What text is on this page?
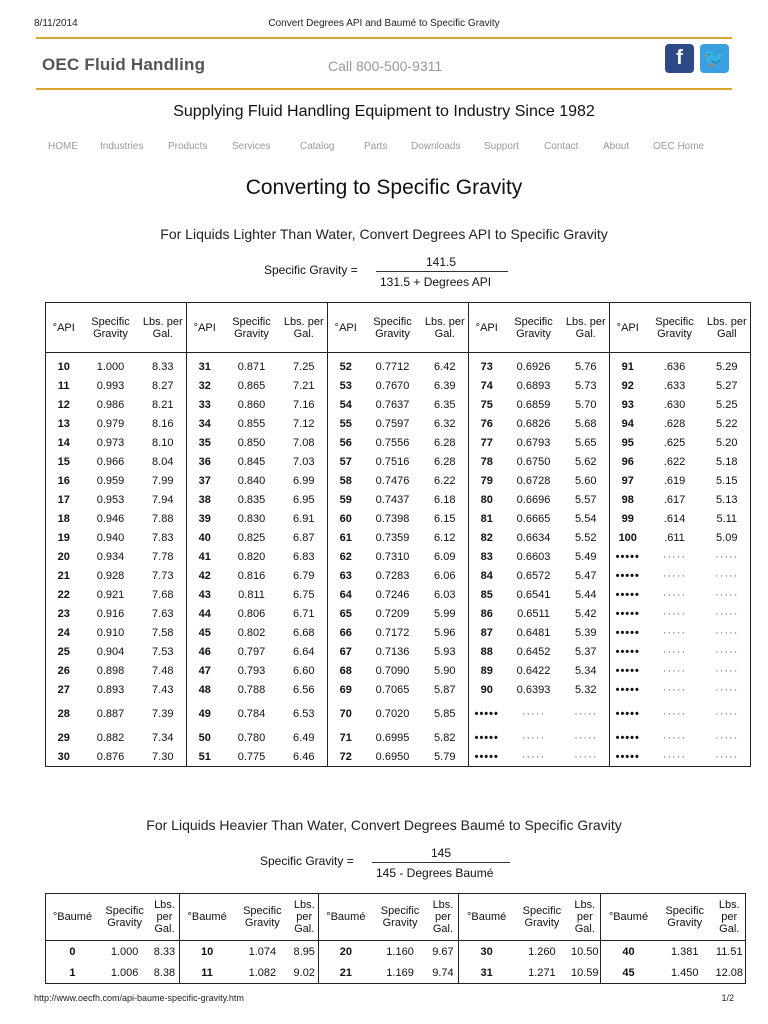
8/11/2014	Convert Degrees API and Baumé to Specific Gravity
OEC Fluid Handling	Call 800-500-9311	f	🐦
Supplying Fluid Handling Equipment to Industry Since 1982
HOME Industries Products Services	Catalog	Parts Downloads Support Contact About OEC Home
Converting to Specific Gravity
For Liquids Lighter Than Water, Convert Degrees API to Specific Gravity
Specific Gravity =
141.5
131.5 + Degrees API
°API	Specific Gravity	Lbs. per Gal.	°API	Specific Gravity	Lbs. per Gal.	°API	Specific Gravity	Lbs. per Gal.	°API	Specific Gravity	Lbs. per Gal.	°API	Specific Gravity	Lbs. per Gall
10	1.000	8.33	31	0.871	7.25	52	0.7712	6.42	73	0.6926	5.76	91	.636	5.29
11	0.993	8.27	32	0.865	7.21	53	0.7670	6.39	74	0.6893	5.73	92	.633	5.27
12	0.986	8.21	33	0.860	7.16	54	0.7637	6.35	75	0.6859	5.70	93	.630	5.25
13	0.979	8.16	34	0.855	7.12	55	0.7597	6.32	76	0.6826	5.68	94	.628	5.22
14	0.973	8.10	35	0.850	7.08	56	0.7556	6.28	77	0.6793	5.65	95	.625	5.20
15	0.966	8.04	36	0.845	7.03	57	0.7516	6.28	78	0.6750	5.62	96	.622	5.18
16	0.959	7.99	37	0.840	6.99	58	0.7476	6.22	79	0.6728	5.60	97	.619	5.15
17	0.953	7.94	38	0.835	6.95	59	0.7437	6.18	80	0.6696	5.57	98	.617	5.13
18	0.946	7.88	39	0.830	6.91	60	0.7398	6.15	81	0.6665	5.54	99	.614	5.11
19	0.940	7.83	40	0.825	6.87	61	0.7359	6.12	82	0.6634	5.52	100	.611	5.09
20	0.934	7.78	41	0.820	6.83	62	0.7310	6.09	83	0.6603	5.49	•••••	·····	·····
21	0.928	7.73	42	0.816	6.79	63	0.7283	6.06	84	0.6572	5.47	•••••	·····	·····
22	0.921	7.68	43	0.811	6.75	64	0.7246	6.03	85	0.6541	5.44	•••••	·····	·····
23	0.916	7.63	44	0.806	6.71	65	0.7209	5.99	86	0.6511	5.42	•••••	·····	·····
24	0.910	7.58	45	0.802	6.68	66	0.7172	5.96	87	0.6481	5.39	•••••	·····	·····
25	0.904	7.53	46	0.797	6.64	67	0.7136	5.93	88	0.6452	5.37	•••••	·····	·····
26	0.898	7.48	47	0.793	6.60	68	0.7090	5.90	89	0.6422	5.34	•••••	·····	·····
27	0.893	7.43	48	0.788	6.56	69	0.7065	5.87	90	0.6393	5.32	•••••	·····	·····
28	0.887	7.39	49	0.784	6.53	70	0.7020	5.85	•••••	·····	·····	•••••	·····	·····
29	0.882	7.34	50	0.780	6.49	71	0.6995	5.82	•••••	·····	·····	•••••	·····	·····
30	0.876	7.30	51	0.775	6.46	72	0.6950	5.79	•••••	·····	·····	•••••	·····	·····
For Liquids Heavier Than Water, Convert Degrees Baumé to Specific Gravity
Specific Gravity =
145
145 - Degrees Baumé
°Baumé	Specific Gravity	Lbs. per Gal.	°Baumé	Specific Gravity	Lbs. per Gal.	°Baumé	Specific Gravity	Lbs. per Gal.	°Baumé	Specific Gravity	Lbs. per Gal.	°Baumé	Specific Gravity	Lbs. per Gal.
0	1.000	8.33	10	1.074	8.95	20	1.160	9.67	30	1.260	10.50	40	1.381	11.51
1	1.006	8.38	11	1.082	9.02	21	1.169	9.74	31	1.271	10.59	45	1.450	12.08
http://www.oecfh.com/api-baume-specific-gravity.htm	1/2
